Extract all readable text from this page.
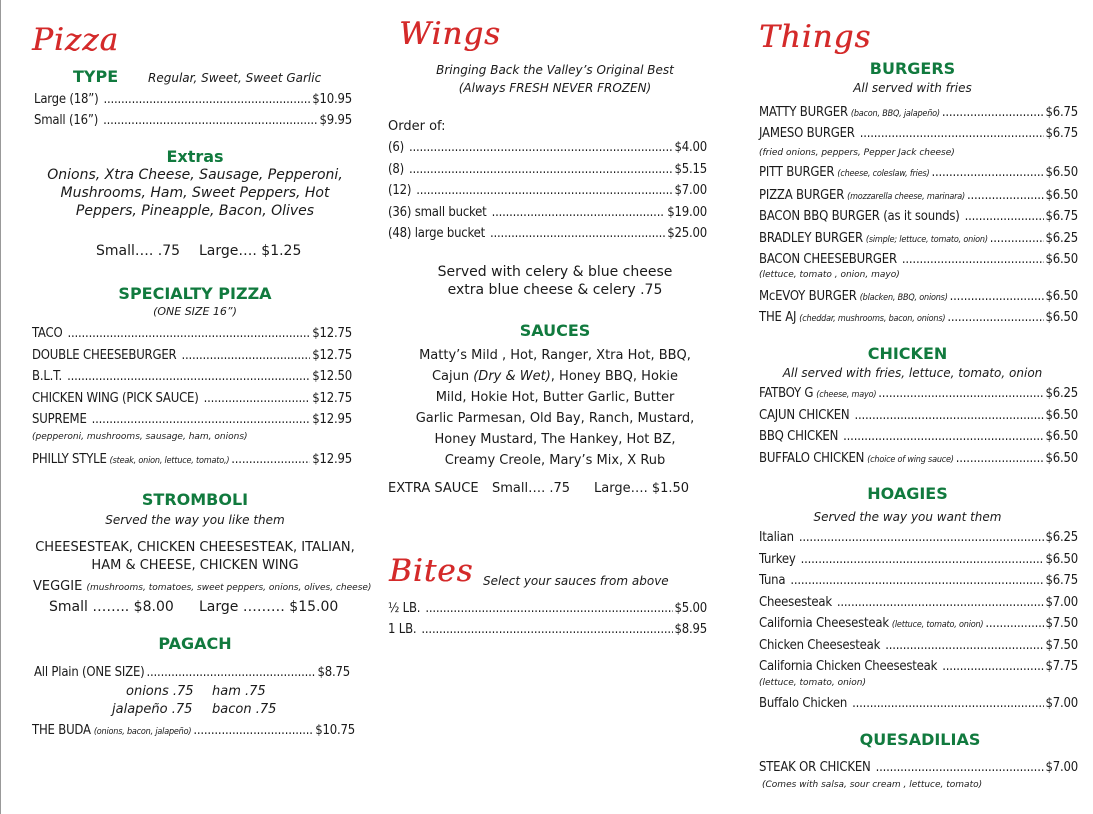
Pizza
TYPE Regular, Sweet, Sweet Garlic
Large (18”) .....	$10.95
Small (16”) .....	$9.95
Extras
Onions, Xtra Cheese, Sausage, Pepperoni,
Mushrooms, Ham, Sweet Peppers, Hot
Peppers, Pineapple, Bacon, Olives
Small…. .75 Large…. $1.25
SPECIALTY PIZZA
(ONE SIZE 16”)
TACO .....	$12.75
DOUBLE CHEESEBURGER .....	$12.75
B.L.T. .....	$12.50
CHICKEN WING (PICK SAUCE) .....	$12.75
SUPREME .....	$12.95
PHILLY STYLE (steak, onion, lettuce, tomato,) .....	$12.95
(pepperoni, mushrooms, sausage, ham, onions)
STROMBOLI
Served the way you like them
CHEESESTEAK, CHICKEN CHEESESTEAK, ITALIAN,
HAM & CHEESE, CHICKEN WING
VEGGIE (mushrooms, tomatoes, sweet peppers, onions, olives, cheese)
Small …….. $8.00 Large ……… $15.00
PAGACH
All Plain (ONE SIZE) .....	$8.75
onions .75 ham .75
jalapeño .75 bacon .75
THE BUDA (onions, bacon, jalapeño) .....	$10.75
Wings
Bringing Back the Valley’s Original Best
(Always FRESH NEVER FROZEN)
Order of:
(6) .....	$4.00
(8) .....	$5.15
(12) .....	$7.00
(36) small bucket .....	$19.00
(48) large bucket .....	$25.00
Served with celery & blue cheese
extra blue cheese & celery .75
SAUCES
Matty’s Mild , Hot, Ranger, Xtra Hot, BBQ,
Cajun (Dry & Wet), Honey BBQ, Hokie
Mild, Hokie Hot, Butter Garlic, Butter
Garlic Parmesan, Old Bay, Ranch, Mustard,
Honey Mustard, The Hankey, Hot BZ,
Creamy Creole, Mary’s Mix, X Rub
EXTRA SAUCE Small…. .75 Large…. $1.50
Bites Select your sauces from above
½ LB. .....	$5.00
1 LB. .....	$8.95
Things
BURGERS
All served with fries
MATTY BURGER (bacon, BBQ, jalapeño) .....	$6.75
JAMESO BURGER .....	$6.75
PITT BURGER (cheese, coleslaw, fries) .....	$6.50
PIZZA BURGER (mozzarella cheese, marinara) .....	$6.50
BACON BBQ BURGER (as it sounds) .....	$6.75
BRADLEY BURGER (simple; lettuce, tomato, onion) .....	$6.25
BACON CHEESEBURGER .....	$6.50
McEVOY BURGER (blacken, BBQ, onions) .....	$6.50
THE AJ (cheddar, mushrooms, bacon, onions) .....	$6.50
(fried onions, peppers, Pepper Jack cheese)
(lettuce, tomato , onion, mayo)
CHICKEN
All served with fries, lettuce, tomato, onion
FATBOY G (cheese, mayo) .....	$6.25
CAJUN CHICKEN .....	$6.50
BBQ CHICKEN .....	$6.50
BUFFALO CHICKEN (choice of wing sauce) .....	$6.50
HOAGIES
Served the way you want them
Italian .....	$6.25
Turkey .....	$6.50
Tuna .....	$6.75
Cheesesteak .....	$7.00
California Cheesesteak (lettuce, tomato, onion) .....	$7.50
Chicken Cheesesteak .....	$7.50
California Chicken Cheesesteak .....	$7.75
Buffalo Chicken .....	$7.00
(lettuce, tomato, onion)
QUESADILIAS
STEAK OR CHICKEN .....	$7.00
(Comes with salsa, sour cream , lettuce, tomato)
